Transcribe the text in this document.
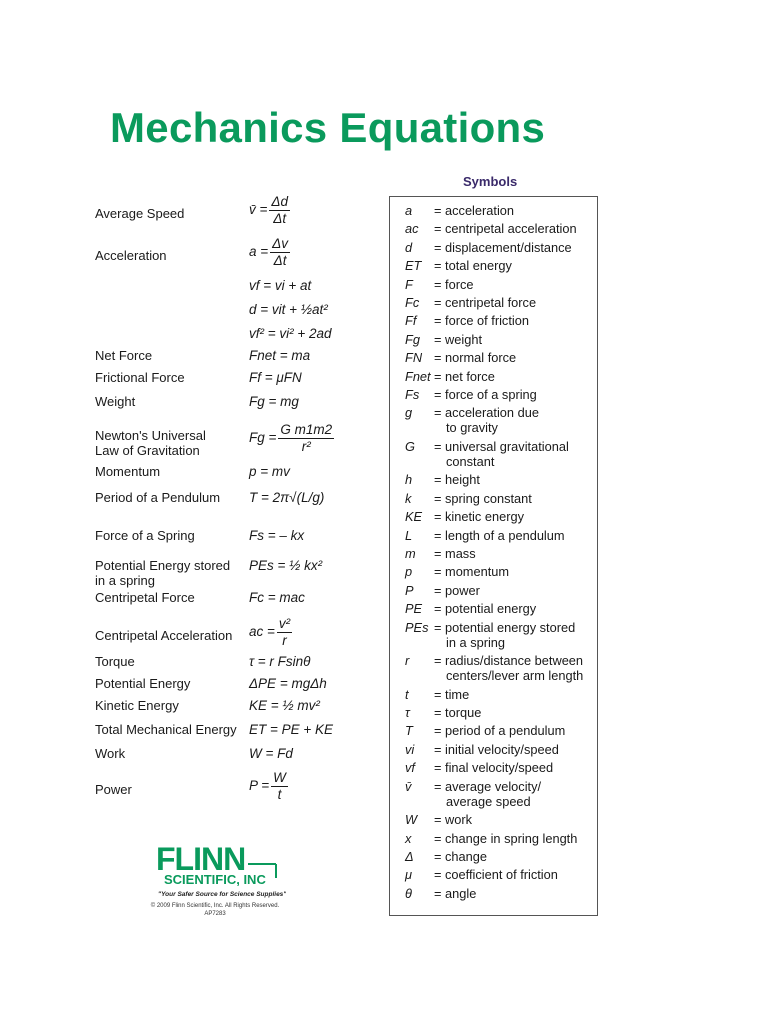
Mechanics Equations
Average Speed	v̄ = $\frac{\Delta d}{\Delta t}$
Acceleration	$a = \frac{\Delta v}{\Delta t}$
vf = vi + at
d = vit + ½at²
vf² = vi² + 2ad
Net Force	Fnet = ma
Frictional Force	Ff = μFN
Weight	Fg = mg
Newton's Universal
Law of Gravitation
$Fg = \frac{\text{G m1m2}}{\text{r²}}$
Momentum	p = mv
Period of a Pendulum T = 2π√(L/g)
Force of a Spring	Fs = – kx
Potential Energy stored
in a spring
PEs = ½ kx²
Centripetal Force	Fc = mac
Centripetal Acceleration ac = $\frac{\text{v²}}{r}$
Torque	τ = r Fsinθ
Potential Energy	ΔPE = mgΔh
Kinetic Energy	KE = ½ mv²
Total Mechanical Energy ET = PE + KE
Work	W = Fd
Power	$P = \frac{W}{t}$
Symbols
a = acceleration
ac = centripetal acceleration
d = displacement/distance
ET = total energy
F = force
Fc = centripetal force
Ff = force of friction
Fg = weight
FN = normal force
Fnet = net force
Fs = force of a spring
g = acceleration due
to gravity
G = universal gravitational
constant
h = height
k = spring constant
KE = kinetic energy
L = length of a pendulum
m = mass
p = momentum
P = power
PE = potential energy
PEs = potential energy stored
in a spring
r = radius/distance between
centers/lever arm length
t = time
τ = torque
T = period of a pendulum
vi = initial velocity/speed
vf = final velocity/speed
v̄ = average velocity/
average speed
W = work
x = change in spring length
Δ = change
μ = coefficient of friction
θ = angle
FLINN
SCIENTIFIC, INC
"Your Safer Source for Science Supplies"
© 2009 Flinn Scientific, Inc. All Rights Reserved.
AP7283
